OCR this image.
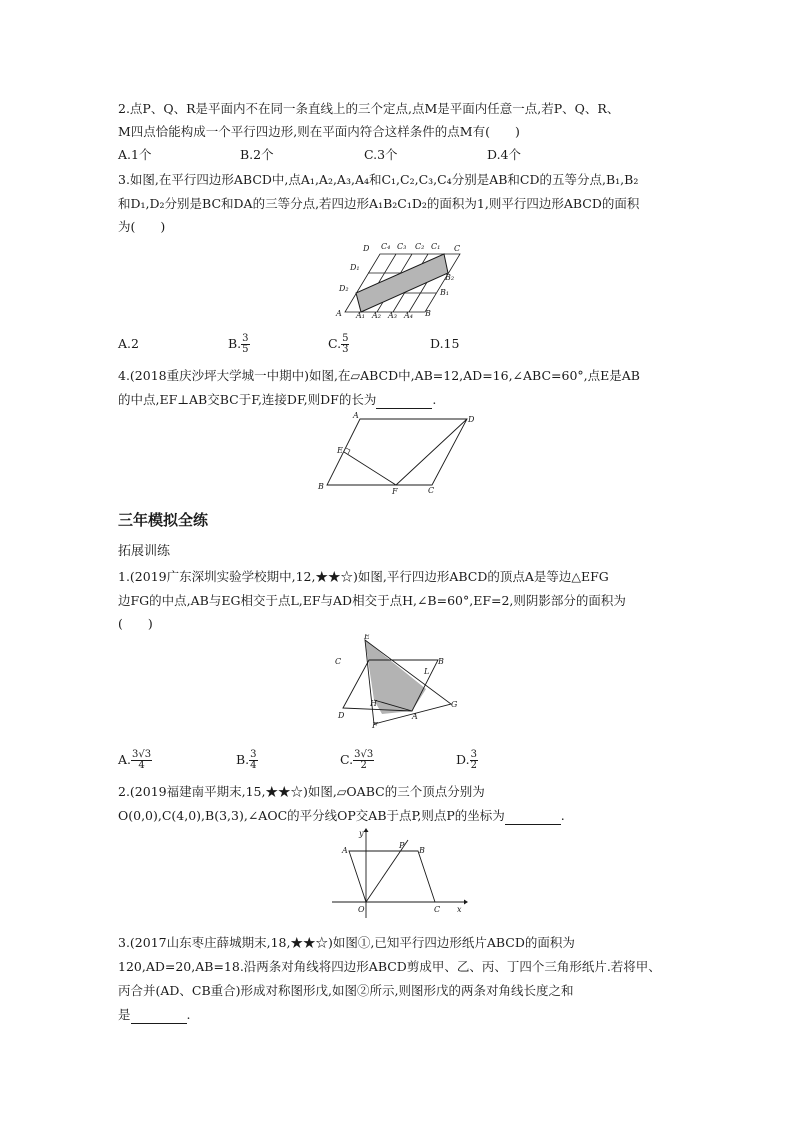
2.点P、Q、R是平面内不在同一条直线上的三个定点,点M是平面内任意一点,若P、Q、R、
M四点恰能构成一个平行四边形,则在平面内符合这样条件的点M有(　　)
A.1个	B.2个	C.3个	D.4个
3.如图,在平行四边形ABCD中,点A₁,A₂,A₃,A₄和C₁,C₂,C₃,C₄分别是AB和CD的五等分点,B₁,B₂
和D₁,D₂分别是BC和DA的三等分点,若四边形A₁B₂C₁D₂的面积为1,则平行四边形ABCD的面积
为(　　)
D C₄ C₃ C₂ C₁ C
D₁
B₂
D₂	B₁
A A₁ A₂ A₃ A₄ B
A.2	B. $\frac{3}{5}$	C. $\frac{5}{3}$	D.15
4.(2018重庆沙坪大学城一中期中)如图,在▱ABCD中,AB=12,AD=16,∠ABC=60°,点E是AB
的中点,EF⊥AB交BC于F,连接DF,则DF的长为	.
A	D
E
B
F	C
三年模拟全练
拓展训练
1.(2019广东深圳实验学校期中,12,★★☆)如图,平行四边形ABCD的顶点A是等边△EFG
边FG的中点,AB与EG相交于点L,EF与AD相交于点H,∠B=60°,EF=2,则阴影部分的面积为
(　　)
E
C	B
L
H	G
D	A
F
A. $\frac{3√3}{4}$	B. $\frac{3}{4}$	C. $\frac{3√3}{2}$	D. $\frac{3}{2}$
2.(2019福建南平期末,15,★★☆)如图,▱OABC的三个顶点分别为
O(0,0),C(4,0),B(3,3),∠AOC的平分线OP交AB于点P,则点P的坐标为	.
y
A
P
B
O	C x
3.(2017山东枣庄薛城期末,18,★★☆)如图①,已知平行四边形纸片ABCD的面积为
120,AD=20,AB=18.沿两条对角线将四边形ABCD剪成甲、乙、丙、丁四个三角形纸片.若将甲、
丙合并(AD、CB重合)形成对称图形戊,如图②所示,则图形戊的两条对角线长度之和
是	.
